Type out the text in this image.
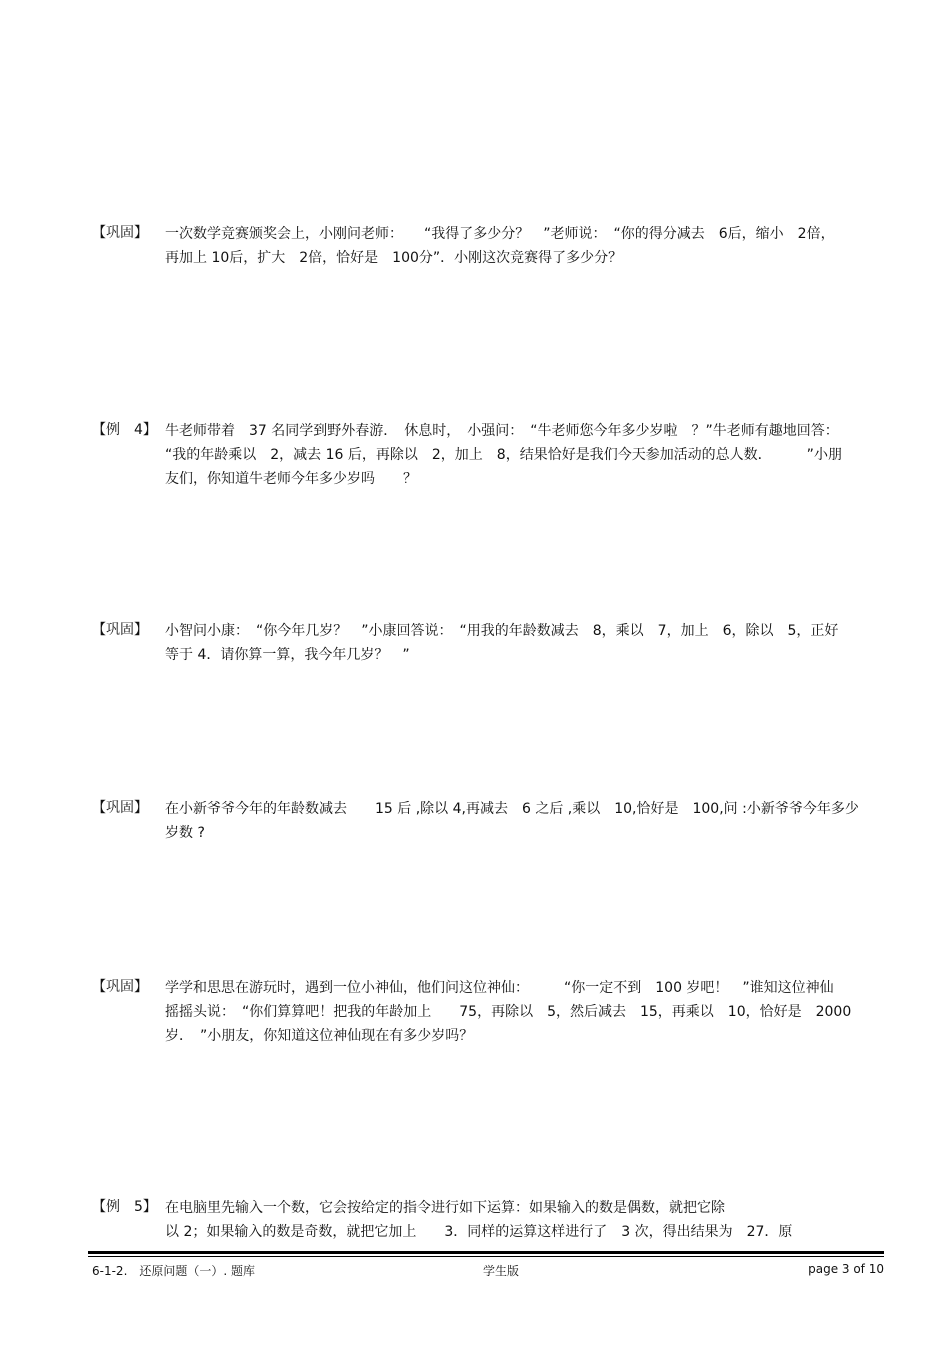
【巩固】 一次数学竞赛颁奖会上，小刚问老师：　　“我得了多少分？　”老师说：　“你的得分减去　6后，缩小　2倍，
再加上 10后，扩大　2倍，恰好是　100分”．小刚这次竞赛得了多少分？
【例　4】 牛老师带着　37 名同学到野外春游．　休息时，　小强问：　“牛老师您今年多少岁啦　？”牛老师有趣地回答：
“我的年龄乘以　2，减去 16 后，再除以　2，加上　8，结果恰好是我们今天参加活动的总人数．　　　”小朋
友们，你知道牛老师今年多少岁吗　　？
【巩固】 小智问小康：　“你今年几岁？　”小康回答说：　“用我的年龄数减去　8，乘以　7，加上　6，除以　5，正好
等于 4．请你算一算，我今年几岁？　”
【巩固】 在小新爷爷今年的年龄数减去　　15 后 ,除以 4,再减去　6 之后 ,乘以　10,恰好是　100,问 :小新爷爷今年多少
岁数 ?
【巩固】 学学和思思在游玩时，遇到一位小神仙，他们问这位神仙：　　　“你一定不到　100 岁吧！　”谁知这位神仙
摇摇头说：　“你们算算吧！把我的年龄加上　　75，再除以　5，然后减去　15，再乘以　10，恰好是　2000
岁．　”小朋友，你知道这位神仙现在有多少岁吗？
【例　5】 在电脑里先输入一个数，它会按给定的指令进行如下运算：如果输入的数是偶数，就把它除
以 2；如果输入的数是奇数，就把它加上　　3．同样的运算这样进行了　3 次，得出结果为　27．原
6-1-2.　还原问题（一）. 题库	学生版	page 3 of 10
